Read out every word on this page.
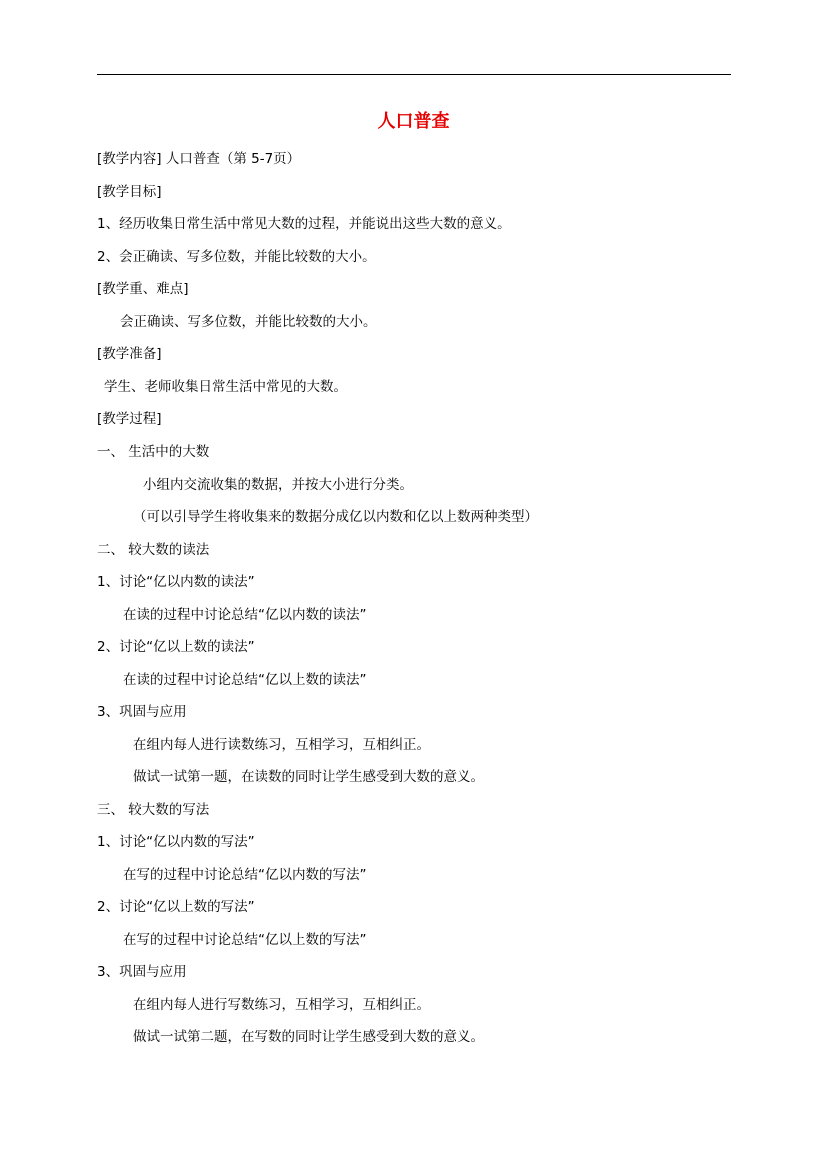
人口普查
[教学内容] 人口普查（第 5-7页）
[教学目标]
1、经历收集日常生活中常见大数的过程，并能说出这些大数的意义。
2、会正确读、写多位数，并能比较数的大小。
[教学重、难点]
会正确读、写多位数，并能比较数的大小。
[教学准备]
学生、老师收集日常生活中常见的大数。
[教学过程]
一、 生活中的大数
小组内交流收集的数据，并按大小进行分类。
（可以引导学生将收集来的数据分成亿以内数和亿以上数两种类型）
二、 较大数的读法
1、讨论“亿以内数的读法”
在读的过程中讨论总结“亿以内数的读法”
2、讨论“亿以上数的读法”
在读的过程中讨论总结“亿以上数的读法”
3、巩固与应用
在组内每人进行读数练习，互相学习，互相纠正。
做试一试第一题，在读数的同时让学生感受到大数的意义。
三、 较大数的写法
1、讨论“亿以内数的写法”
在写的过程中讨论总结“亿以内数的写法”
2、讨论“亿以上数的写法”
在写的过程中讨论总结“亿以上数的写法”
3、巩固与应用
在组内每人进行写数练习，互相学习，互相纠正。
做试一试第二题，在写数的同时让学生感受到大数的意义。
